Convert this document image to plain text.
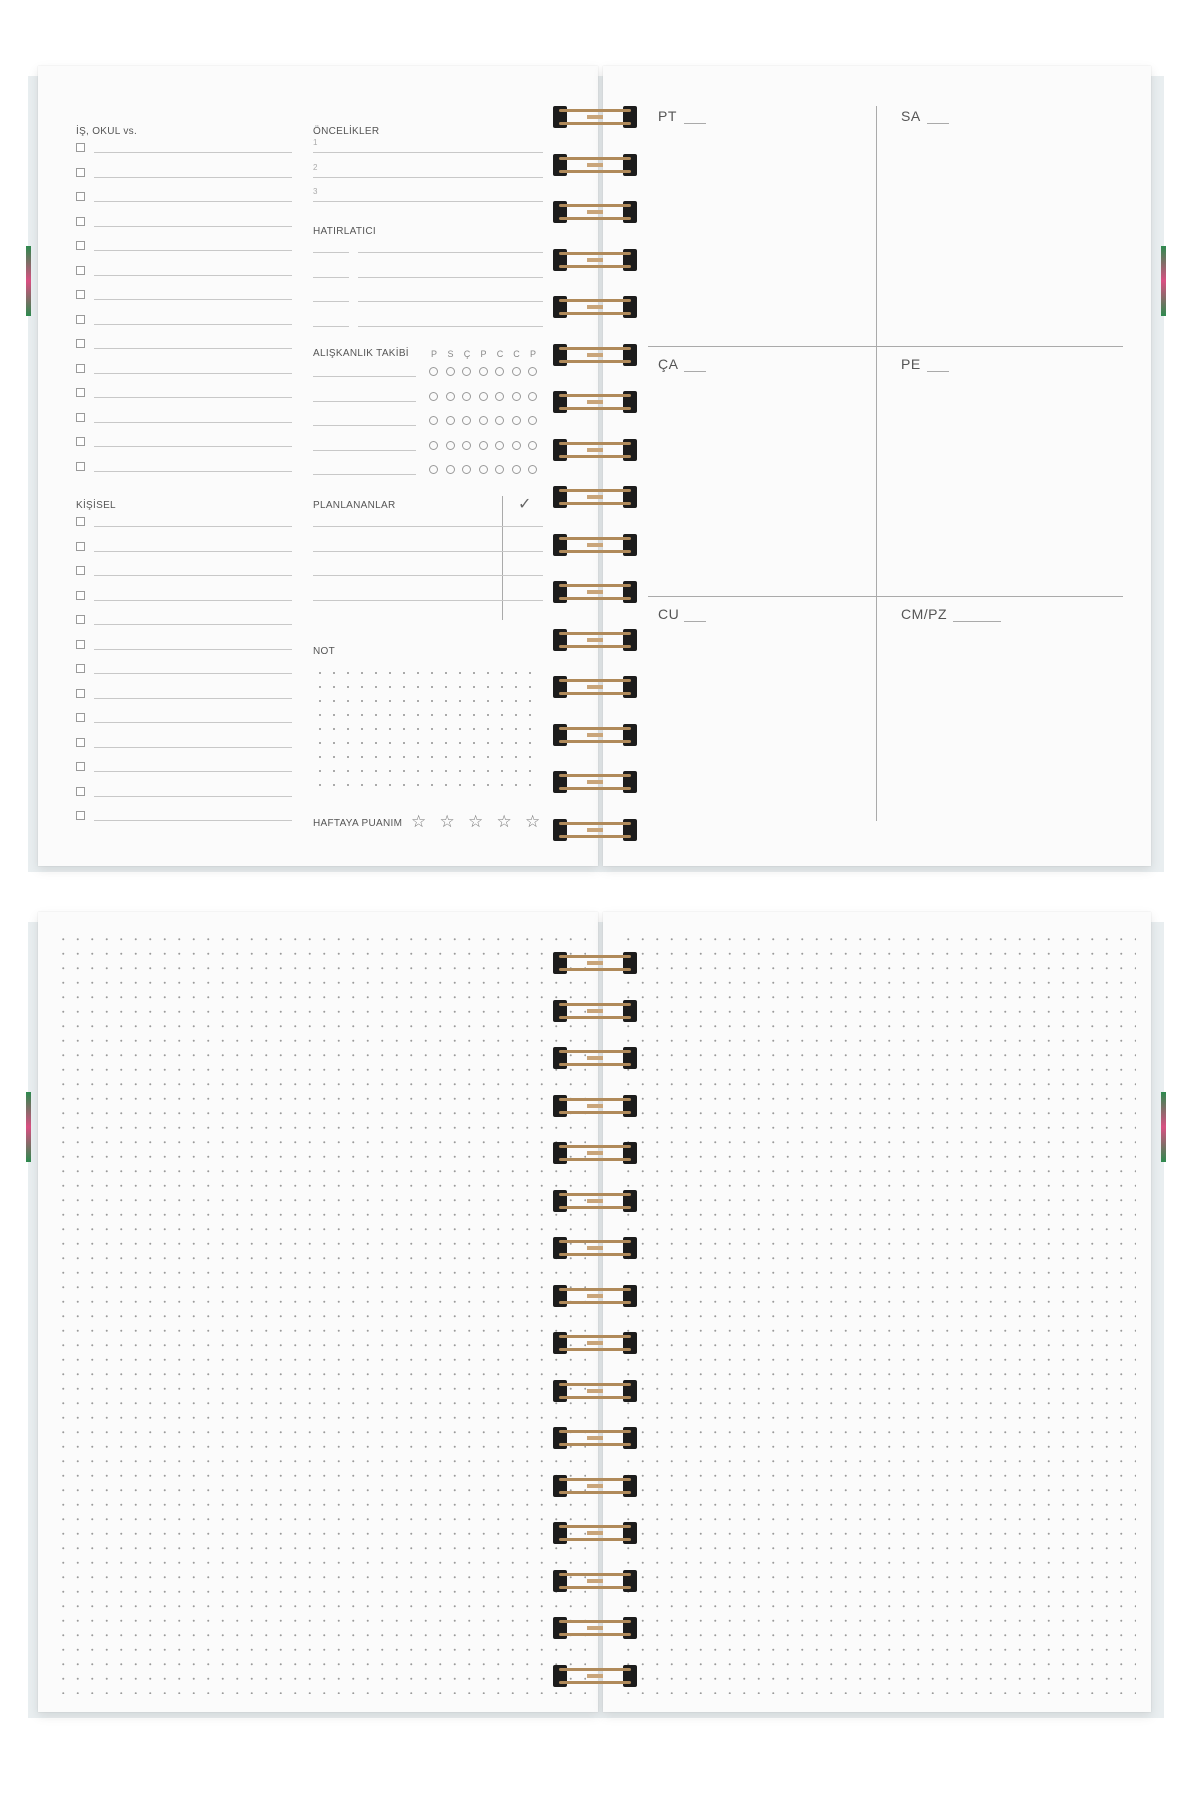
İŞ, OKUL vs.
KİŞİSEL
ÖNCELİKLER
1
2
3
HATIRLATICI
ALIŞKANLIK TAKİBİ	P	S	Ç	P	C	C	P
PLANLANANLAR	✓
NOT
HAFTAYA PUANIM ☆ ☆ ☆ ☆ ☆
PT	SA
ÇA	PE
CU	CM/PZ
